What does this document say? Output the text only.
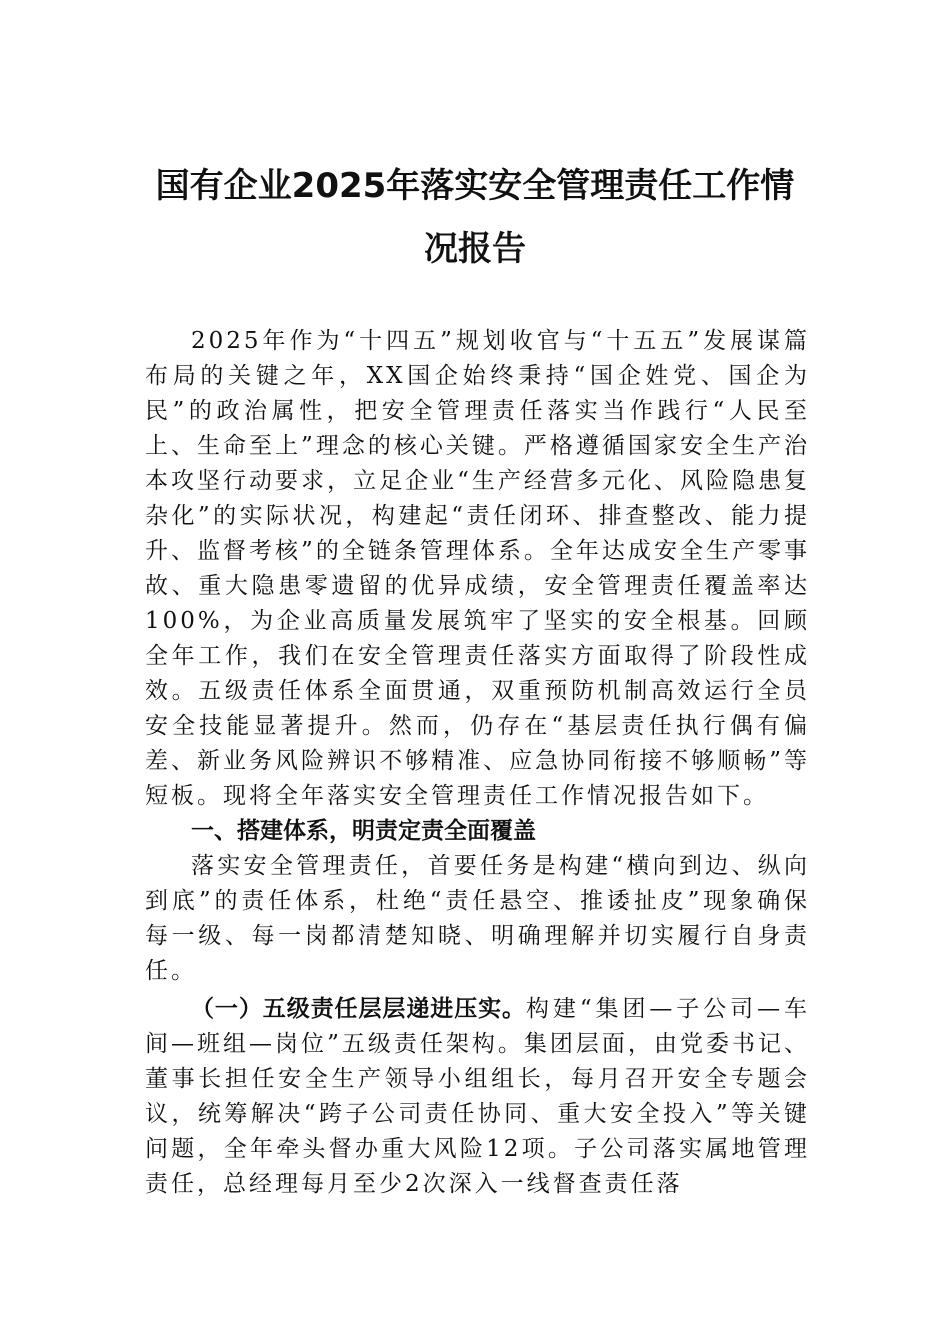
国有企业2025年落实安全管理责任工作情
况报告

2025年作为“十四五”规划收官与“十五五”发展谋篇布局的关键之年，XX国企始终秉持“国企姓党、国企为民”的政治属性，把安全管理责任落实当作践行“人民至上、生命至上”理念的核心关键。严格遵循国家安全生产治本攻坚行动要求，立足企业“生产经营多元化、风险隐患复杂化”的实际状况，构建起“责任闭环、排查整改、能力提升、监督考核”的全链条管理体系。全年达成安全生产零事故、重大隐患零遗留的优异成绩，安全管理责任覆盖率达100%，为企业高质量发展筑牢了坚实的安全根基。回顾全年工作，我们在安全管理责任落实方面取得了阶段性成效。五级责任体系全面贯通，双重预防机制高效运行全员安全技能显著提升。然而，仍存在“基层责任执行偶有偏差、新业务风险辨识不够精准、应急协同衔接不够顺畅”等短板。现将全年落实安全管理责任工作情况报告如下。

一、搭建体系，明责定责全面覆盖

落实安全管理责任，首要任务是构建“横向到边、纵向到底”的责任体系，杜绝“责任悬空、推诿扯皮”现象确保每一级、每一岗都清楚知晓、明确理解并切实履行自身责任。

（一）五级责任层层递进压实。构建“集团—子公司—车间—班组—岗位”五级责任架构。集团层面，由党委书记、董事长担任安全生产领导小组组长，每月召开安全专题会议，统筹解决“跨子公司责任协同、重大安全投入”等关键问题，全年牵头督办重大风险12项。子公司落实属地管理责任，总经理每月至少2次深入一线督查责任落
